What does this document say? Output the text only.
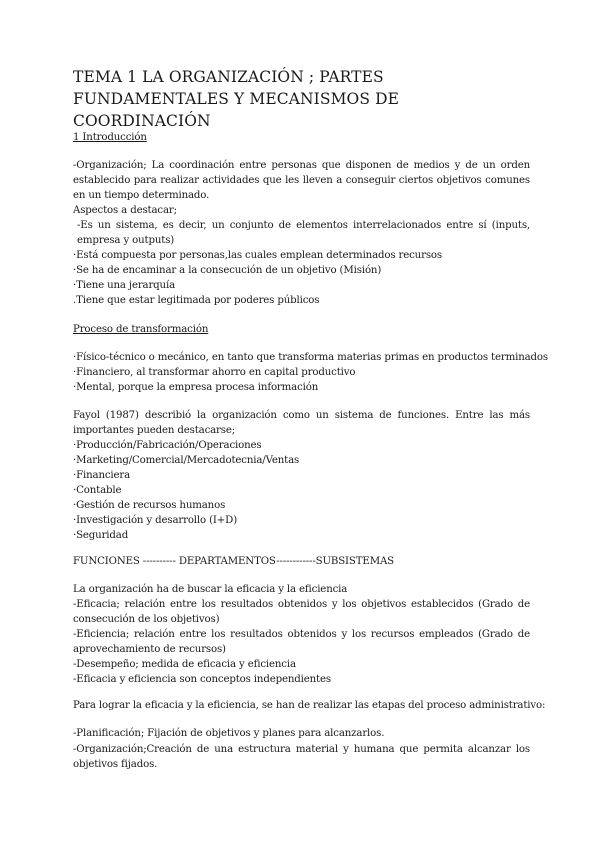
TEMA 1 LA ORGANIZACIÓN ; PARTES FUNDAMENTALES Y MECANISMOS DE COORDINACIÓN
1 Introducción
-Organización; La coordinación entre personas que disponen de medios y de un orden establecido para realizar actividades que les lleven a conseguir ciertos objetivos comunes en un tiempo determinado.
Aspectos a destacar;
-Es un sistema, es decir, un conjunto de elementos interrelacionados entre sí (inputs, empresa y outputs)
·Está compuesta por personas,las cuales emplean determinados recursos
·Se ha de encaminar a la consecución de un objetivo (Misión)
·Tiene una jerarquía
.Tiene que estar legitimada por poderes públicos
Proceso de transformación
·Físico-técnico o mecánico, en tanto que transforma materias primas en productos terminados
·Financiero, al transformar ahorro en capital productivo
·Mental, porque la empresa procesa información
Fayol (1987) describió la organización como un sistema de funciones. Entre las más importantes pueden destacarse;
·Producción/Fabricación/Operaciones
·Marketing/Comercial/Mercadotecnia/Ventas
·Financiera
·Contable
·Gestión de recursos humanos
·Investigación y desarrollo (I+D)
·Seguridad
FUNCIONES ---------- DEPARTAMENTOS------------SUBSISTEMAS
La organización ha de buscar la eficacia y la eficiencia
-Eficacia; relación entre los resultados obtenidos y los objetivos establecidos (Grado de consecución de los objetivos)
-Eficiencia; relación entre los resultados obtenidos y los recursos empleados (Grado de aprovechamiento de recursos)
-Desempeño; medida de eficacia y eficiencia
-Eficacia y eficiencia son conceptos independientes
Para lograr la eficacia y la eficiencia, se han de realizar las etapas del proceso administrativo:
-Planificación; Fijación de objetivos y planes para alcanzarlos.
-Organización;Creación de una estructura material y humana que permita alcanzar los objetivos fijados.
